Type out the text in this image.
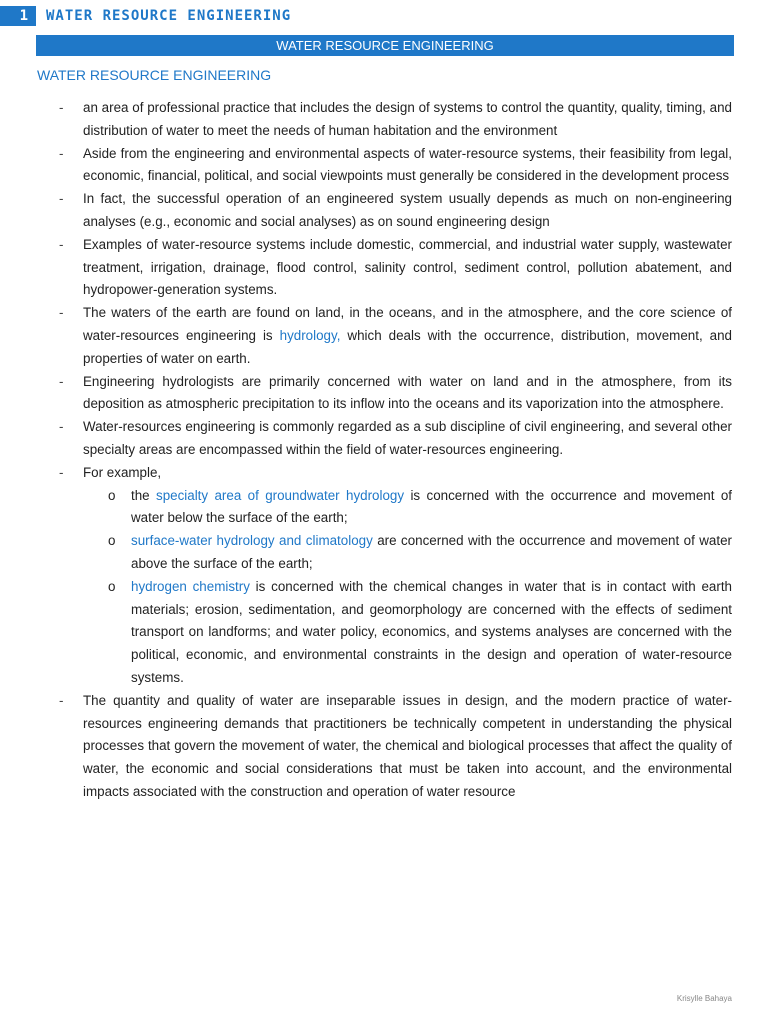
1	WATER RESOURCE ENGINEERING
WATER RESOURCE ENGINEERING
WATER RESOURCE ENGINEERING
- an area of professional practice that includes the design of systems to control the quantity, quality, timing, and distribution of water to meet the needs of human habitation and the environment
- Aside from the engineering and environmental aspects of water-resource systems, their feasibility from legal, economic, financial, political, and social viewpoints must generally be considered in the development process
- In fact, the successful operation of an engineered system usually depends as much on non-engineering analyses (e.g., economic and social analyses) as on sound engineering design
- Examples of water-resource systems include domestic, commercial, and industrial water supply, wastewater treatment, irrigation, drainage, flood control, salinity control, sediment control, pollution abatement, and hydropower-generation systems.
- The waters of the earth are found on land, in the oceans, and in the atmosphere, and the core science of water-resources engineering is hydrology, which deals with the occurrence, distribution, movement, and properties of water on earth.
- Engineering hydrologists are primarily concerned with water on land and in the atmosphere, from its deposition as atmospheric precipitation to its inflow into the oceans and its vaporization into the atmosphere.
- Water-resources engineering is commonly regarded as a sub discipline of civil engineering, and several other specialty areas are encompassed within the field of water-resources engineering.
- For example,
o the specialty area of groundwater hydrology is concerned with the occurrence and movement of water below the surface of the earth;
o surface-water hydrology and climatology are concerned with the occurrence and movement of water above the surface of the earth;
o hydrogen chemistry is concerned with the chemical changes in water that is in contact with earth materials; erosion, sedimentation, and geomorphology are concerned with the effects of sediment transport on landforms; and water policy, economics, and systems analyses are concerned with the political, economic, and environmental constraints in the design and operation of water-resource systems.
- The quantity and quality of water are inseparable issues in design, and the modern practice of water-resources engineering demands that practitioners be technically competent in understanding the physical processes that govern the movement of water, the chemical and biological processes that affect the quality of water, the economic and social considerations that must be taken into account, and the environmental impacts associated with the construction and operation of water resource
Krisylle Bahaya
